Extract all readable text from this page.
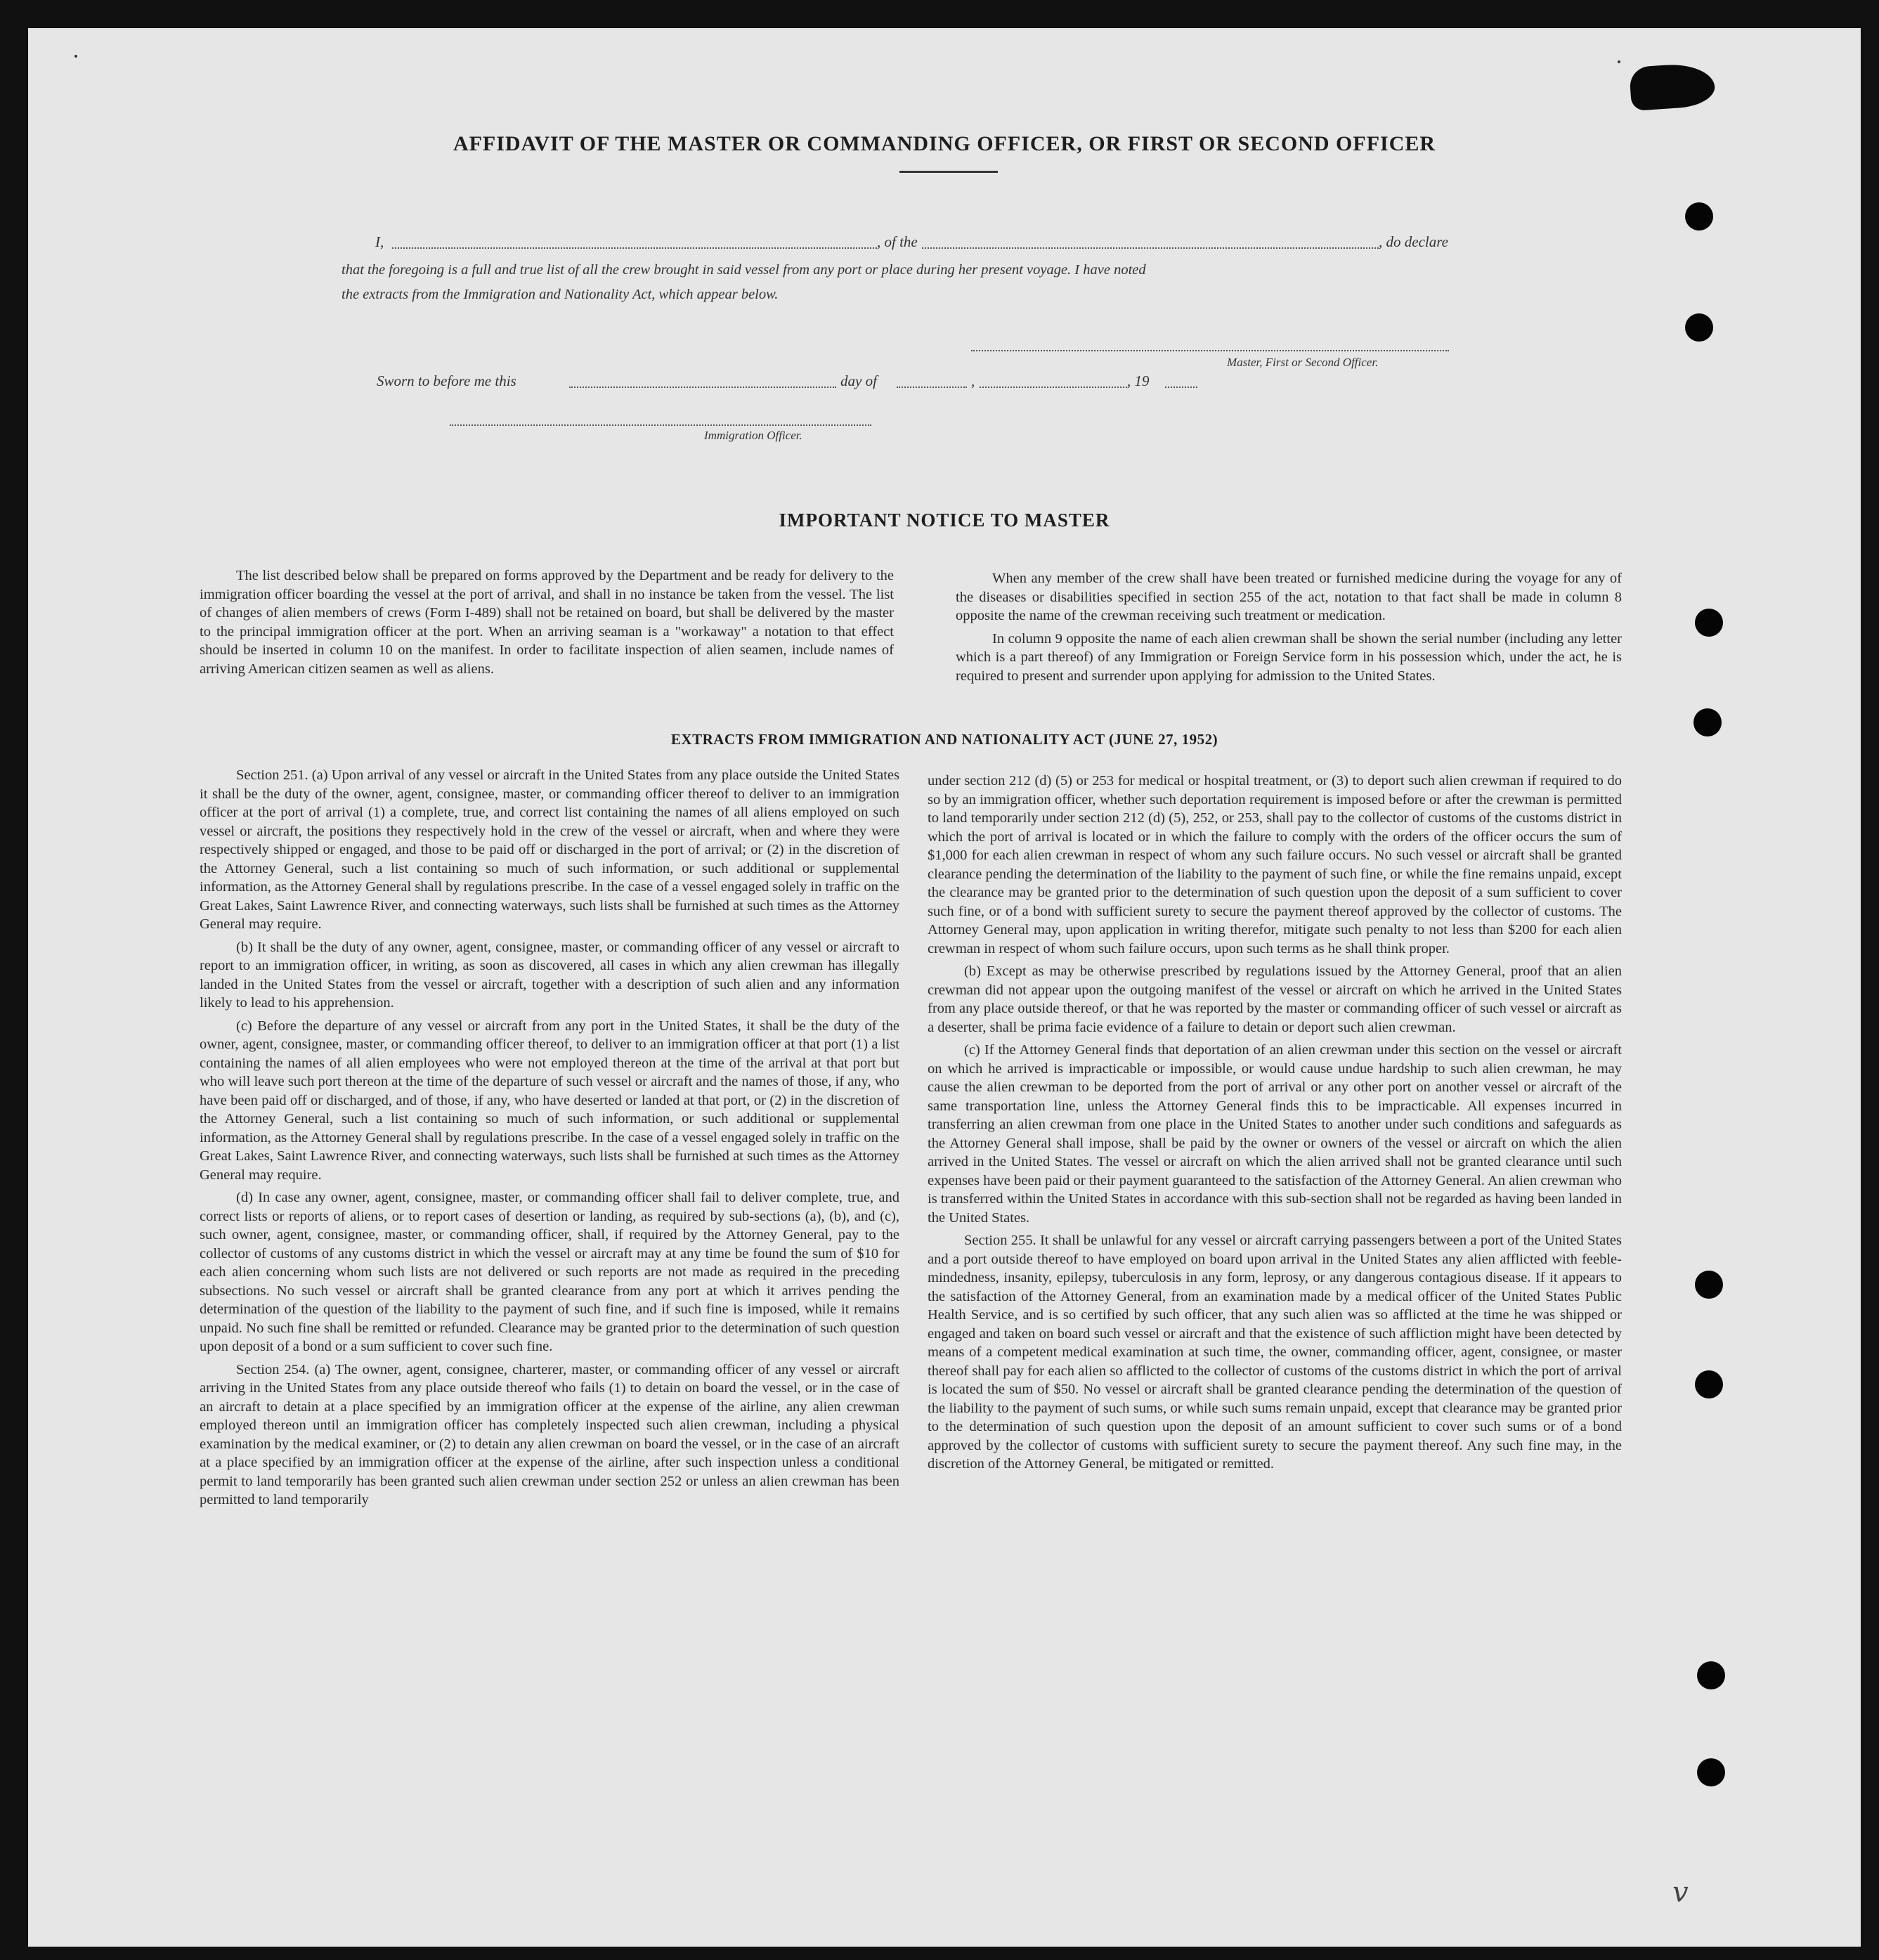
AFFIDAVIT OF THE MASTER OR COMMANDING OFFICER, OR FIRST OR SECOND OFFICER
I,	, of the	, do declare
that the foregoing is a full and true list of all the crew brought in said vessel from any port or place during her present voyage. I have noted
the extracts from the Immigration and Nationality Act, which appear below.
Master, First or Second Officer.
Sworn to before me this	day of	,	, 19
Immigration Officer.
IMPORTANT NOTICE TO MASTER

The list described below shall be prepared on forms approved by the Department and be ready for delivery to the immigration officer boarding the vessel at the port of arrival, and shall in no instance be taken from the vessel. The list of changes of alien members of crews (Form I-489) shall not be retained on board, but shall be delivered by the master to the principal immigration officer at the port. When an arriving seaman is a "workaway" a notation to that effect should be inserted in column 10 on the manifest. In order to facilitate inspection of alien seamen, include names of arriving American citizen seamen as well as aliens.

When any member of the crew shall have been treated or furnished medicine during the voyage for any of the diseases or disabilities specified in section 255 of the act, notation to that fact shall be made in column 8 opposite the name of the crewman receiving such treatment or medication.

In column 9 opposite the name of each alien crewman shall be shown the serial number (including any letter which is a part thereof) of any Immigration or Foreign Service form in his possession which, under the act, he is required to present and surrender upon applying for admission to the United States.

EXTRACTS FROM IMMIGRATION AND NATIONALITY ACT (JUNE 27, 1952)

Section 251. (a) Upon arrival of any vessel or aircraft in the United States from any place outside the United States it shall be the duty of the owner, agent, consignee, master, or commanding officer thereof to deliver to an immigration officer at the port of arrival (1) a complete, true, and correct list containing the names of all aliens employed on such vessel or aircraft, the positions they respectively hold in the crew of the vessel or aircraft, when and where they were respectively shipped or engaged, and those to be paid off or discharged in the port of arrival; or (2) in the discretion of the Attorney General, such a list containing so much of such information, or such additional or supplemental information, as the Attorney General shall by regulations prescribe. In the case of a vessel engaged solely in traffic on the Great Lakes, Saint Lawrence River, and connecting waterways, such lists shall be furnished at such times as the Attorney General may require.

(b) It shall be the duty of any owner, agent, consignee, master, or commanding officer of any vessel or aircraft to report to an immigration officer, in writing, as soon as discovered, all cases in which any alien crewman has illegally landed in the United States from the vessel or aircraft, together with a description of such alien and any information likely to lead to his apprehension.

(c) Before the departure of any vessel or aircraft from any port in the United States, it shall be the duty of the owner, agent, consignee, master, or commanding officer thereof, to deliver to an immigration officer at that port (1) a list containing the names of all alien employees who were not employed thereon at the time of the arrival at that port but who will leave such port thereon at the time of the departure of such vessel or aircraft and the names of those, if any, who have been paid off or discharged, and of those, if any, who have deserted or landed at that port, or (2) in the discretion of the Attorney General, such a list containing so much of such information, or such additional or supplemental information, as the Attorney General shall by regulations prescribe. In the case of a vessel engaged solely in traffic on the Great Lakes, Saint Lawrence River, and connecting waterways, such lists shall be furnished at such times as the Attorney General may require.

(d) In case any owner, agent, consignee, master, or commanding officer shall fail to deliver complete, true, and correct lists or reports of aliens, or to report cases of desertion or landing, as required by sub-sections (a), (b), and (c), such owner, agent, consignee, master, or commanding officer, shall, if required by the Attorney General, pay to the collector of customs of any customs district in which the vessel or aircraft may at any time be found the sum of $10 for each alien concerning whom such lists are not delivered or such reports are not made as required in the preceding subsections. No such vessel or aircraft shall be granted clearance from any port at which it arrives pending the determination of the question of the liability to the payment of such fine, and if such fine is imposed, while it remains unpaid. No such fine shall be remitted or refunded. Clearance may be granted prior to the determination of such question upon deposit of a bond or a sum sufficient to cover such fine.

Section 254. (a) The owner, agent, consignee, charterer, master, or commanding officer of any vessel or aircraft arriving in the United States from any place outside thereof who fails (1) to detain on board the vessel, or in the case of an aircraft to detain at a place specified by an immigration officer at the expense of the airline, any alien crewman employed thereon until an immigration officer has completely inspected such alien crewman, including a physical examination by the medical examiner, or (2) to detain any alien crewman on board the vessel, or in the case of an aircraft at a place specified by an immigration officer at the expense of the airline, after such inspection unless a conditional permit to land temporarily has been granted such alien crewman under section 252 or unless an alien crewman has been permitted to land temporarily

under section 212 (d) (5) or 253 for medical or hospital treatment, or (3) to deport such alien crewman if required to do so by an immigration officer, whether such deportation requirement is imposed before or after the crewman is permitted to land temporarily under section 212 (d) (5), 252, or 253, shall pay to the collector of customs of the customs district in which the port of arrival is located or in which the failure to comply with the orders of the officer occurs the sum of $1,000 for each alien crewman in respect of whom any such failure occurs. No such vessel or aircraft shall be granted clearance pending the determination of the liability to the payment of such fine, or while the fine remains unpaid, except the clearance may be granted prior to the determination of such question upon the deposit of a sum sufficient to cover such fine, or of a bond with sufficient surety to secure the payment thereof approved by the collector of customs. The Attorney General may, upon application in writing therefor, mitigate such penalty to not less than $200 for each alien crewman in respect of whom such failure occurs, upon such terms as he shall think proper.

(b) Except as may be otherwise prescribed by regulations issued by the Attorney General, proof that an alien crewman did not appear upon the outgoing manifest of the vessel or aircraft on which he arrived in the United States from any place outside thereof, or that he was reported by the master or commanding officer of such vessel or aircraft as a deserter, shall be prima facie evidence of a failure to detain or deport such alien crewman.

(c) If the Attorney General finds that deportation of an alien crewman under this section on the vessel or aircraft on which he arrived is impracticable or impossible, or would cause undue hardship to such alien crewman, he may cause the alien crewman to be deported from the port of arrival or any other port on another vessel or aircraft of the same transportation line, unless the Attorney General finds this to be impracticable. All expenses incurred in transferring an alien crewman from one place in the United States to another under such conditions and safeguards as the Attorney General shall impose, shall be paid by the owner or owners of the vessel or aircraft on which the alien arrived in the United States. The vessel or aircraft on which the alien arrived shall not be granted clearance until such expenses have been paid or their payment guaranteed to the satisfaction of the Attorney General. An alien crewman who is transferred within the United States in accordance with this sub-section shall not be regarded as having been landed in the United States.

Section 255. It shall be unlawful for any vessel or aircraft carrying passengers between a port of the United States and a port outside thereof to have employed on board upon arrival in the United States any alien afflicted with feeble-mindedness, insanity, epilepsy, tuberculosis in any form, leprosy, or any dangerous contagious disease. If it appears to the satisfaction of the Attorney General, from an examination made by a medical officer of the United States Public Health Service, and is so certified by such officer, that any such alien was so afflicted at the time he was shipped or engaged and taken on board such vessel or aircraft and that the existence of such affliction might have been detected by means of a competent medical examination at such time, the owner, commanding officer, agent, consignee, or master thereof shall pay for each alien so afflicted to the collector of customs of the customs district in which the port of arrival is located the sum of $50. No vessel or aircraft shall be granted clearance pending the determination of the question of the liability to the payment of such sums, or while such sums remain unpaid, except that clearance may be granted prior to the determination of such question upon the deposit of an amount sufficient to cover such sums or of a bond approved by the collector of customs with sufficient surety to secure the payment thereof. Any such fine may, in the discretion of the Attorney General, be mitigated or remitted.

v
